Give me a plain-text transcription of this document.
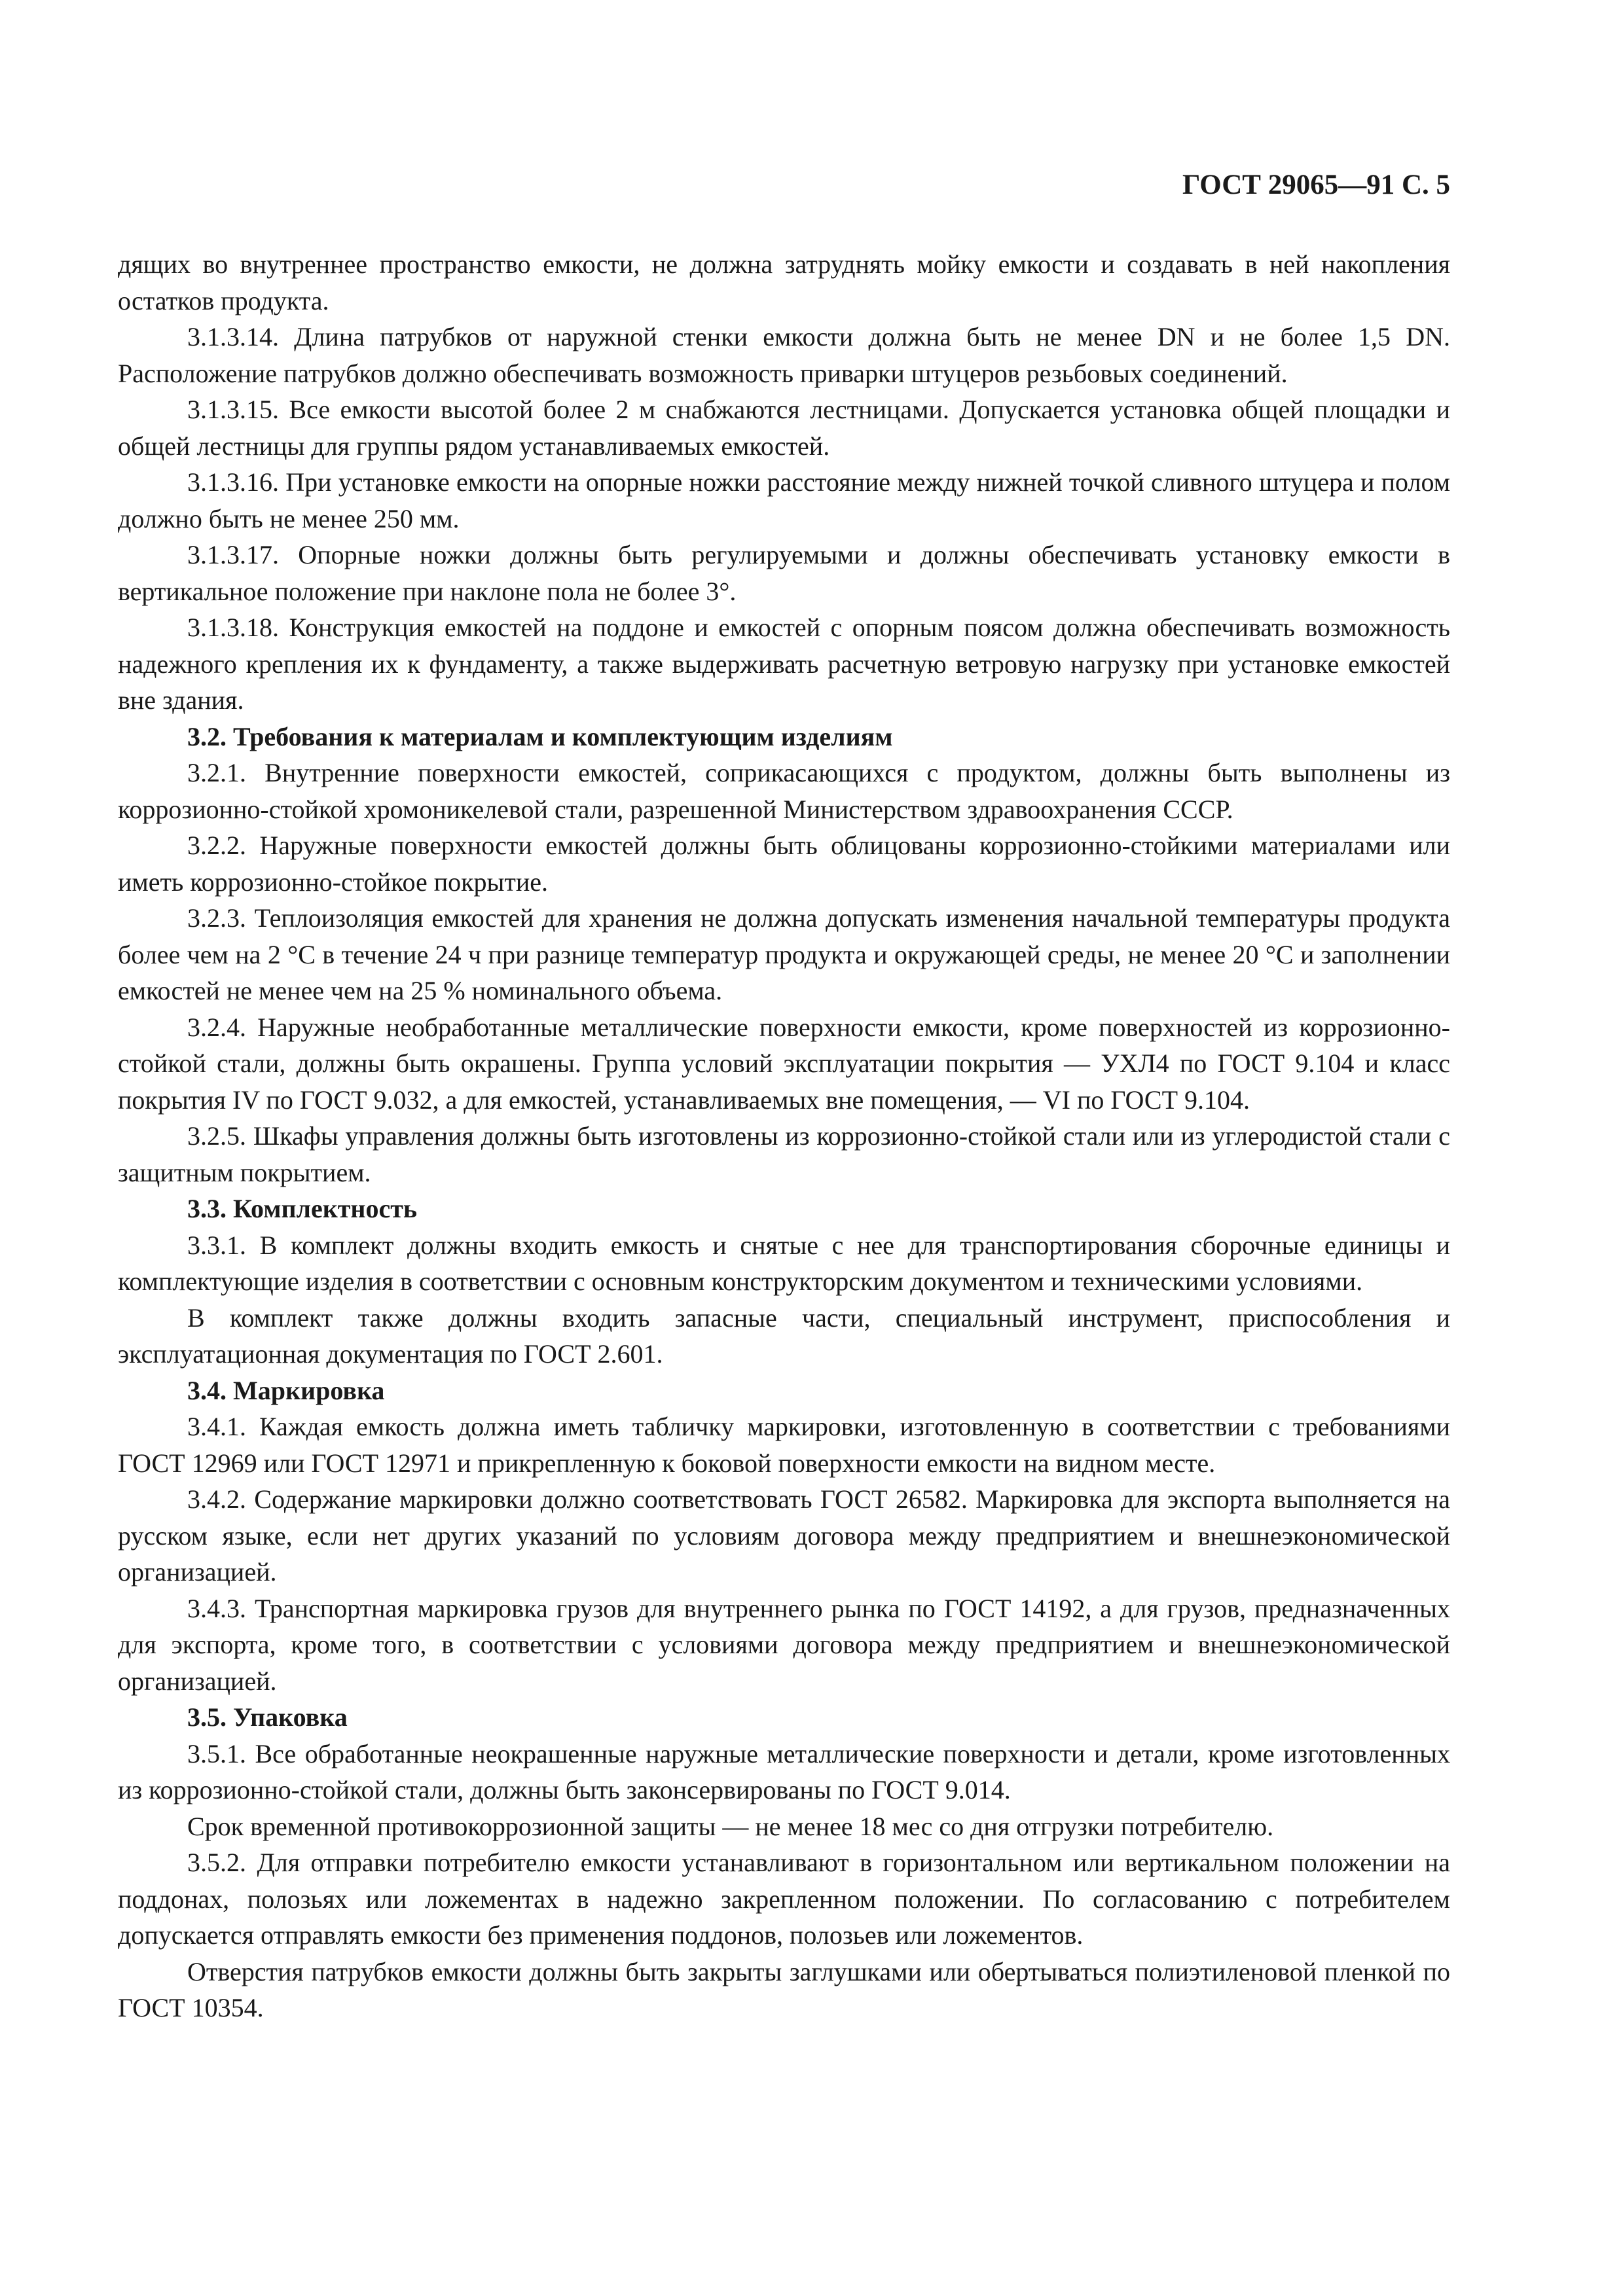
ГОСТ 29065—91 С. 5

дящих во внутреннее пространство емкости, не должна затруднять мойку емкости и создавать в ней накопления остатков продукта.

3.1.3.14. Длина патрубков от наружной стенки емкости должна быть не менее DN и не более 1,5 DN. Расположение патрубков должно обеспечивать возможность приварки штуцеров резьбовых соединений.

3.1.3.15. Все емкости высотой более 2 м снабжаются лестницами. Допускается установка общей площадки и общей лестницы для группы рядом устанавливаемых емкостей.

3.1.3.16. При установке емкости на опорные ножки расстояние между нижней точкой сливного штуцера и полом должно быть не менее 250 мм.

3.1.3.17. Опорные ножки должны быть регулируемыми и должны обеспечивать установку емкости в вертикальное положение при наклоне пола не более 3°.

3.1.3.18. Конструкция емкостей на поддоне и емкостей с опорным поясом должна обеспечивать возможность надежного крепления их к фундаменту, а также выдерживать расчетную ветровую нагрузку при установке емкостей вне здания.

3.2. Требования к материалам и комплектующим изделиям

3.2.1. Внутренние поверхности емкостей, соприкасающихся с продуктом, должны быть выполнены из коррозионно-стойкой хромоникелевой стали, разрешенной Министерством здравоохранения СССР.

3.2.2. Наружные поверхности емкостей должны быть облицованы коррозионно-стойкими материалами или иметь коррозионно-стойкое покрытие.

3.2.3. Теплоизоляция емкостей для хранения не должна допускать изменения начальной температуры продукта более чем на 2 °С в течение 24 ч при разнице температур продукта и окружающей среды, не менее 20 °С и заполнении емкостей не менее чем на 25 % номинального объема.

3.2.4. Наружные необработанные металлические поверхности емкости, кроме поверхностей из коррозионно-стойкой стали, должны быть окрашены. Группа условий эксплуатации покрытия — УХЛ4 по ГОСТ 9.104 и класс покрытия IV по ГОСТ 9.032, а для емкостей, устанавливаемых вне помещения, — VI по ГОСТ 9.104.

3.2.5. Шкафы управления должны быть изготовлены из коррозионно-стойкой стали или из углеродистой стали с защитным покрытием.

3.3. Комплектность

3.3.1. В комплект должны входить емкость и снятые с нее для транспортирования сборочные единицы и комплектующие изделия в соответствии с основным конструкторским документом и техническими условиями.

В комплект также должны входить запасные части, специальный инструмент, приспособления и эксплуатационная документация по ГОСТ 2.601.

3.4. Маркировка

3.4.1. Каждая емкость должна иметь табличку маркировки, изготовленную в соответствии с требованиями ГОСТ 12969 или ГОСТ 12971 и прикрепленную к боковой поверхности емкости на видном месте.

3.4.2. Содержание маркировки должно соответствовать ГОСТ 26582. Маркировка для экспорта выполняется на русском языке, если нет других указаний по условиям договора между предприятием и внешнеэкономической организацией.

3.4.3. Транспортная маркировка грузов для внутреннего рынка по ГОСТ 14192, а для грузов, предназначенных для экспорта, кроме того, в соответствии с условиями договора между предприятием и внешнеэкономической организацией.

3.5. Упаковка

3.5.1. Все обработанные неокрашенные наружные металлические поверхности и детали, кроме изготовленных из коррозионно-стойкой стали, должны быть законсервированы по ГОСТ 9.014.

Срок временной противокоррозионной защиты — не менее 18 мес со дня отгрузки потребителю.

3.5.2. Для отправки потребителю емкости устанавливают в горизонтальном или вертикальном положении на поддонах, полозьях или ложементах в надежно закрепленном положении. По согласованию с потребителем допускается отправлять емкости без применения поддонов, полозьев или ложементов.

Отверстия патрубков емкости должны быть закрыты заглушками или обертываться полиэтиленовой пленкой по ГОСТ 10354.
